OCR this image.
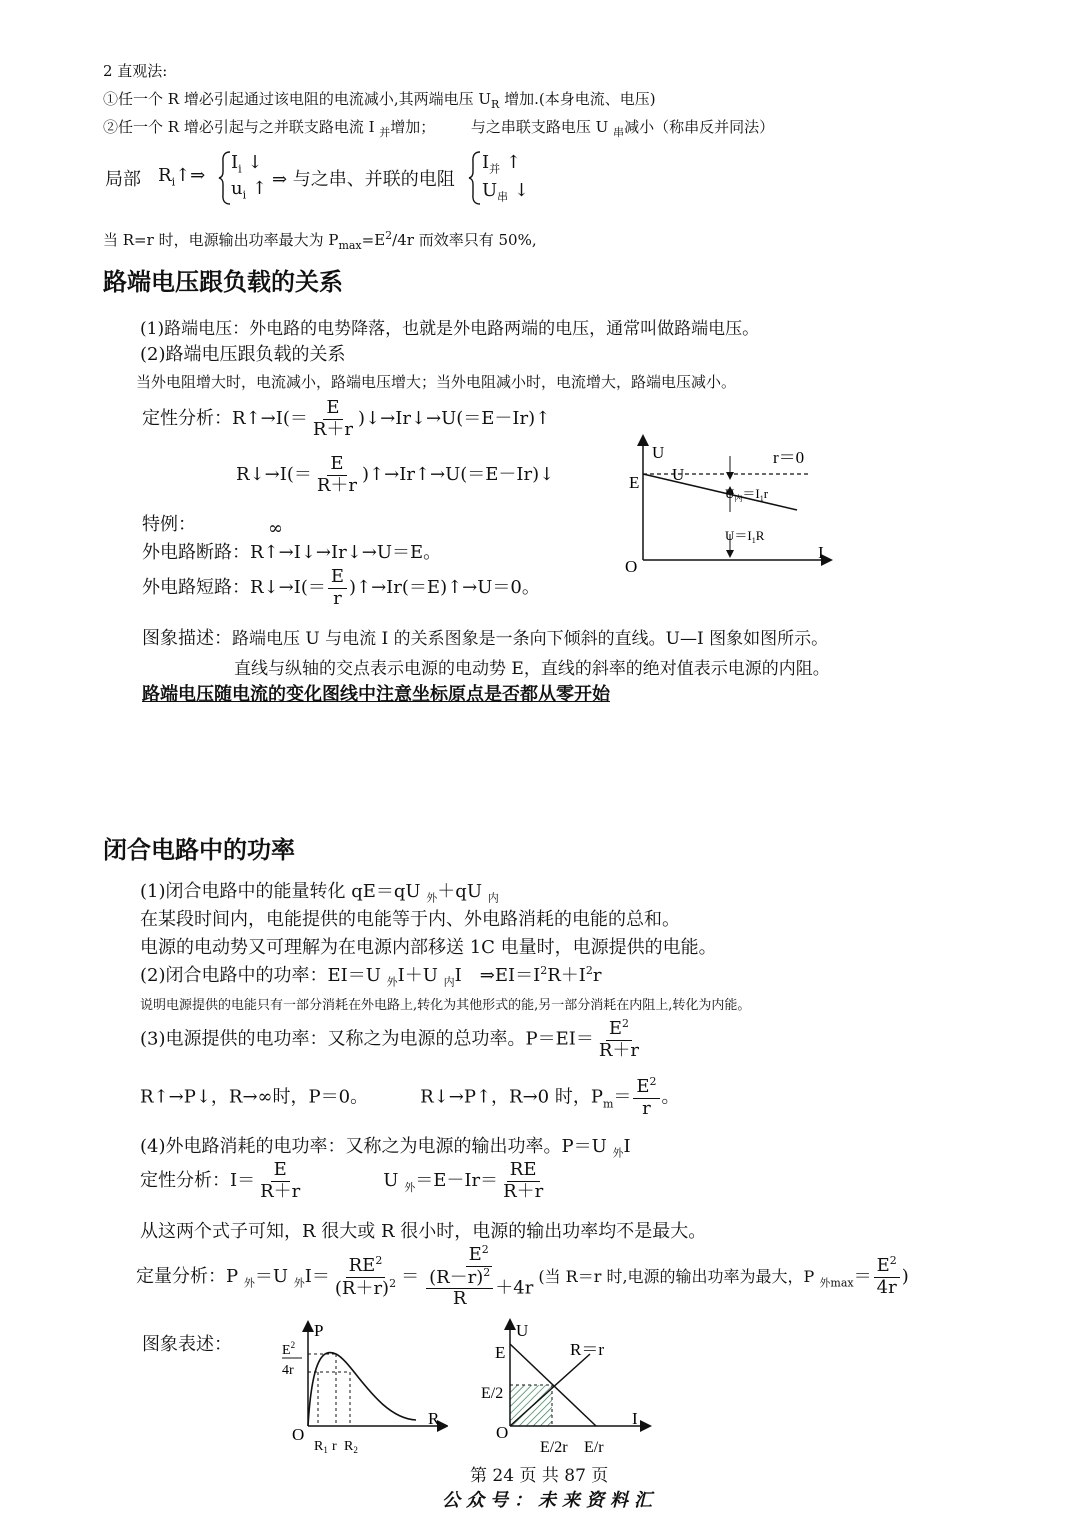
2 直观法:
①任一个 R 增必引起通过该电阻的电流减小,其两端电压 $U_R$ 增加.(本身电流、电压)
②任一个 R 增必引起与之并联支路电流 I $_并$增加； 与之串联支路电压 U $_串$减小（称串反并同法）
局部 $R_i↑\Rightarrow$
$I_i$ ↓
$u_i$ ↑ ⇒ 与之串、并联的电阻
$I_并$ ↑
$U_串$ ↓
当 R=r 时，电源输出功率最大为 $P_{max}=E^2/4r$ 而效率只有 50%,
路端电压跟负载的关系
(1)路端电压：外电路的电势降落，也就是外电路两端的电压，通常叫做路端电压。
(2)路端电压跟负载的关系
当外电阻增大时，电流减小，路端电压增大；当外电阻减小时，电流增大，路端电压减小。
定性分析：R↑→I(＝ $\frac{E}{R+r}$ )↓→Ir↓→U(＝E－Ir)↑
R↓→I(＝ $\frac{E}{R+r}$ )↑→Ir↑→U(＝E－Ir)↓
特例：	∞
外电路断路：R↑→I↓→Ir↓→U＝E。
外电路短路：R↓→I(＝ $\frac{E}{r}$ )↑→Ir(＝E)↑→U＝0。
图象描述：路端电压 U 与电流 I 的关系图象是一条向下倾斜的直线。U—I 图象如图所示。
直线与纵轴的交点表示电源的电动势 E，直线的斜率的绝对值表示电源的内阻。
路端电压随电流的变化图线中注意坐标原点是否都从零开始
U
E
O
I
r＝0
U
$U_内=I_1r$
$U=I_1R$
闭合电路中的功率
(1)闭合电路中的能量转化 qE＝qU $_外$＋qU $_内$
在某段时间内，电能提供的电能等于内、外电路消耗的电能的总和。
电源的电动势又可理解为在电源内部移送 1C 电量时，电源提供的电能。
(2)闭合电路中的功率：EI＝U $_外$I＋U $_内$I　$\Rightarrow EI=I^2R+I^2r$
说明电源提供的电能只有一部分消耗在外电路上,转化为其他形式的能,另一部分消耗在内阻上,转化为内能。
(3)电源提供的电功率：又称之为电源的总功率。$P=EI= \frac{E^2}{R+r}$
R↑→P↓，R→∞时，P＝0。	R↓→P↑，R→0 时，$P_m= \frac{E^2}{r}$ 。
(4)外电路消耗的电功率：又称之为电源的输出功率。P＝U $_外$I
定性分析：$I= \frac{E}{R+r}$	U $_外=E-Ir= \frac{RE}{R+r}$
从这两个式子可知，R 很大或 R 很小时，电源的输出功率均不是最大。
定量分析：P $_外$＝U $_外I= \frac{RE^2}{(R+r)^2} = \frac{E^2}{\frac{(R-r)^2}{R} +4r}$ (当 R＝r 时,电源的输出功率为最大，P $_{外max}= \frac{E^2}{4r}$ )
图象表述：
P
$E^2$
4r
O
R
$R_1$ r $R_2$
U
E
E/2
O
I
R＝r
E/2r E/r
第 24 页 共 87 页
公众号：未来资料汇
